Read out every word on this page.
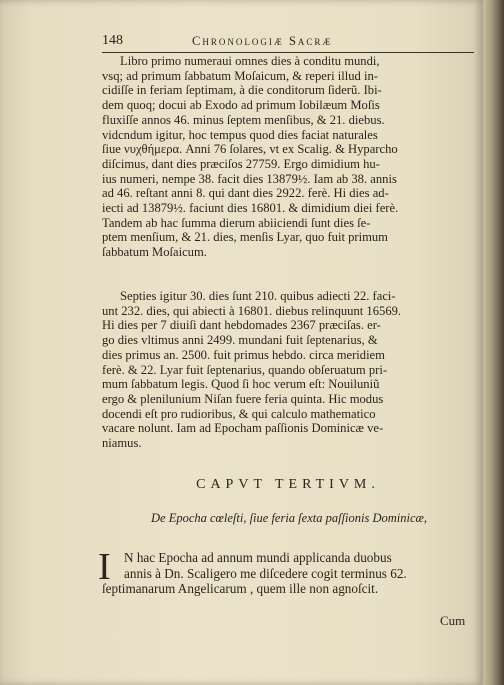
148	Chronologiæ Sacræ
Libro primo numeraui omnes dies à conditu mundi,
vsq; ad primum ſabbatum Moſaicum, & reperi illud in-
cidiſſe in feriam ſeptimam, à die conditorum ſiderũ. Ibi-
dem quoq; docui ab Exodo ad primum Iobilæum Moſis
fluxiſſe annos 46. minus ſeptem menſibus, & 21. diebus.
vidcndum igitur, hoc tempus quod dies faciat naturales
ſiue νυχθήμερα. Anni 76 ſolares, vt ex Scalig. & Hyparcho
diſcimus, dant dies præciſos 27759. Ergo dimidium hu-
ius numeri, nempe 38. facit dies 13879½. Iam ab 38. annis
ad 46. reſtant anni 8. qui dant dies 2922. ferè. Hi dies ad-
iecti ad 13879½. faciunt dies 16801. & dimidium diei ferè.
Tandem ab hac ſumma dierum abiiciendi ſunt dies ſe-
ptem menſium, & 21. dies, menſis Lyar, quo fuit primum
ſabbatum Moſaicum.
Septies igitur 30. dies ſunt 210. quibus adiecti 22. faci-
unt 232. dies, qui abiecti à 16801. diebus relinquunt 16569.
Hi dies per 7 diuiſi dant hebdomades 2367 præciſas. er-
go dies vltimus anni 2499. mundani fuit ſeptenarius, &
dies primus an. 2500. fuit primus hebdo. circa meridiem
ferè. & 22. Lyar fuit ſeptenarius, quando obſeruatum pri-
mum ſabbatum legis. Quod ſi hoc verum eſt: Nouiluniũ
ergo & plenilunium Niſan fuere feria quinta. Hic modus
docendi eſt pro rudioribus, & qui calculo mathematico
vacare nolunt. Iam ad Epocham paſſionis Dominicæ ve-
niamus.
CAPVT TERTIVM.
De Epocha cœleſti, ſiue feria ſexta paſſionis Dominicæ,
I	N hac Epocha ad annum mundi applicanda duobus
annis à Dn. Scaligero me diſcedere cogit terminus 62.
ſeptimanarum Angelicarum , quem ille non agnoſcit.
Cum
